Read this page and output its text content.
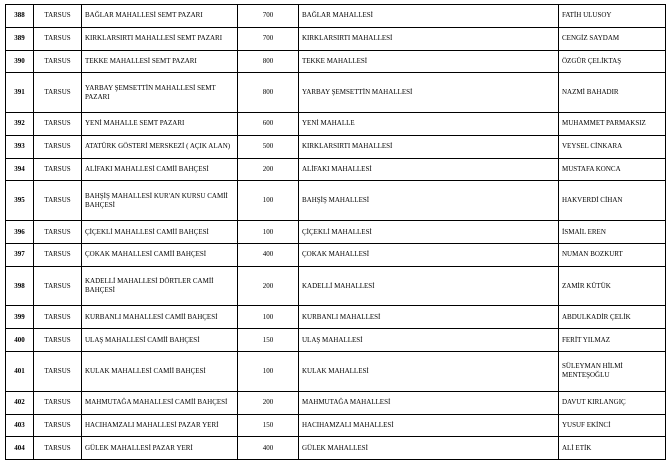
388	TARSUS	BAĞLAR MAHALLESİ SEMT PAZARI	700	BAĞLAR MAHALLESİ	FATİH ULUSOY
389	TARSUS	KIRKLARSIRTI MAHALLESİ SEMT PAZARI	700	KIRKLARSIRTI MAHALLESİ	CENGİZ SAYDAM
390	TARSUS	TEKKE MAHALLESİ SEMT PAZARI	800	TEKKE MAHALLESİ	ÖZGÜR ÇELİKTAŞ
391	TARSUS	YARBAY ŞEMSETTİN MAHALLESİ SEMT PAZARI	800	YARBAY ŞEMSETTİN MAHALLESİ	NAZMİ BAHADIR
392	TARSUS	YENİ MAHALLE SEMT PAZARI	600	YENİ MAHALLE	MUHAMMET PARMAKSIZ
393	TARSUS	ATATÜRK GÖSTERİ MERSKEZİ ( AÇIK ALAN)	500	KIRKLARSIRTI MAHALLESİ	VEYSEL CİNKARA
394	TARSUS	ALİFAKI MAHALLESİ CAMİİ BAHÇESİ	200	ALİFAKI MAHALLESİ	MUSTAFA KONCA
395	TARSUS	BAHŞİŞ MAHALLESİ KUR'AN KURSU CAMİİ BAHÇESİ	100	BAHŞİŞ MAHALLESİ	HAKVERDİ CİHAN
396	TARSUS	ÇİÇEKLİ MAHALLESİ CAMİİ BAHÇESİ	100	ÇİÇEKLİ MAHALLESİ	İSMAİL EREN
397	TARSUS	ÇOKAK MAHALLESİ CAMİİ BAHÇESİ	400	ÇOKAK MAHALLESİ	NUMAN BOZKURT
398	TARSUS	KADELLİ MAHALLESİ DÖRTLER CAMİİ BAHÇESİ	200	KADELLİ MAHALLESİ	ZAMİR KÜTÜK
399	TARSUS	KURBANLI MAHALLESİ CAMİİ BAHÇESİ	100	KURBANLI MAHALLESİ	ABDULKADİR ÇELİK
400	TARSUS	ULAŞ MAHALLESİ CAMİİ BAHÇESİ	150	ULAŞ MAHALLESİ	FERİT YILMAZ
401	TARSUS	KULAK MAHALLESİ CAMİİ BAHÇESİ	100	KULAK MAHALLESİ	SÜLEYMAN HİLMİ MENTEŞOĞLU
402	TARSUS	MAHMUTAĞA MAHALLESİ CAMİİ BAHÇESİ	200	MAHMUTAĞA MAHALLESİ	DAVUT KIRLANGIÇ
403	TARSUS	HACIHAMZALI MAHALLESİ PAZAR YERİ	150	HACIHAMZALI MAHALLESİ	YUSUF EKİNCİ
404	TARSUS	GÜLEK MAHALLESİ PAZAR YERİ	400	GÜLEK MAHALLESİ	ALİ ETİK
